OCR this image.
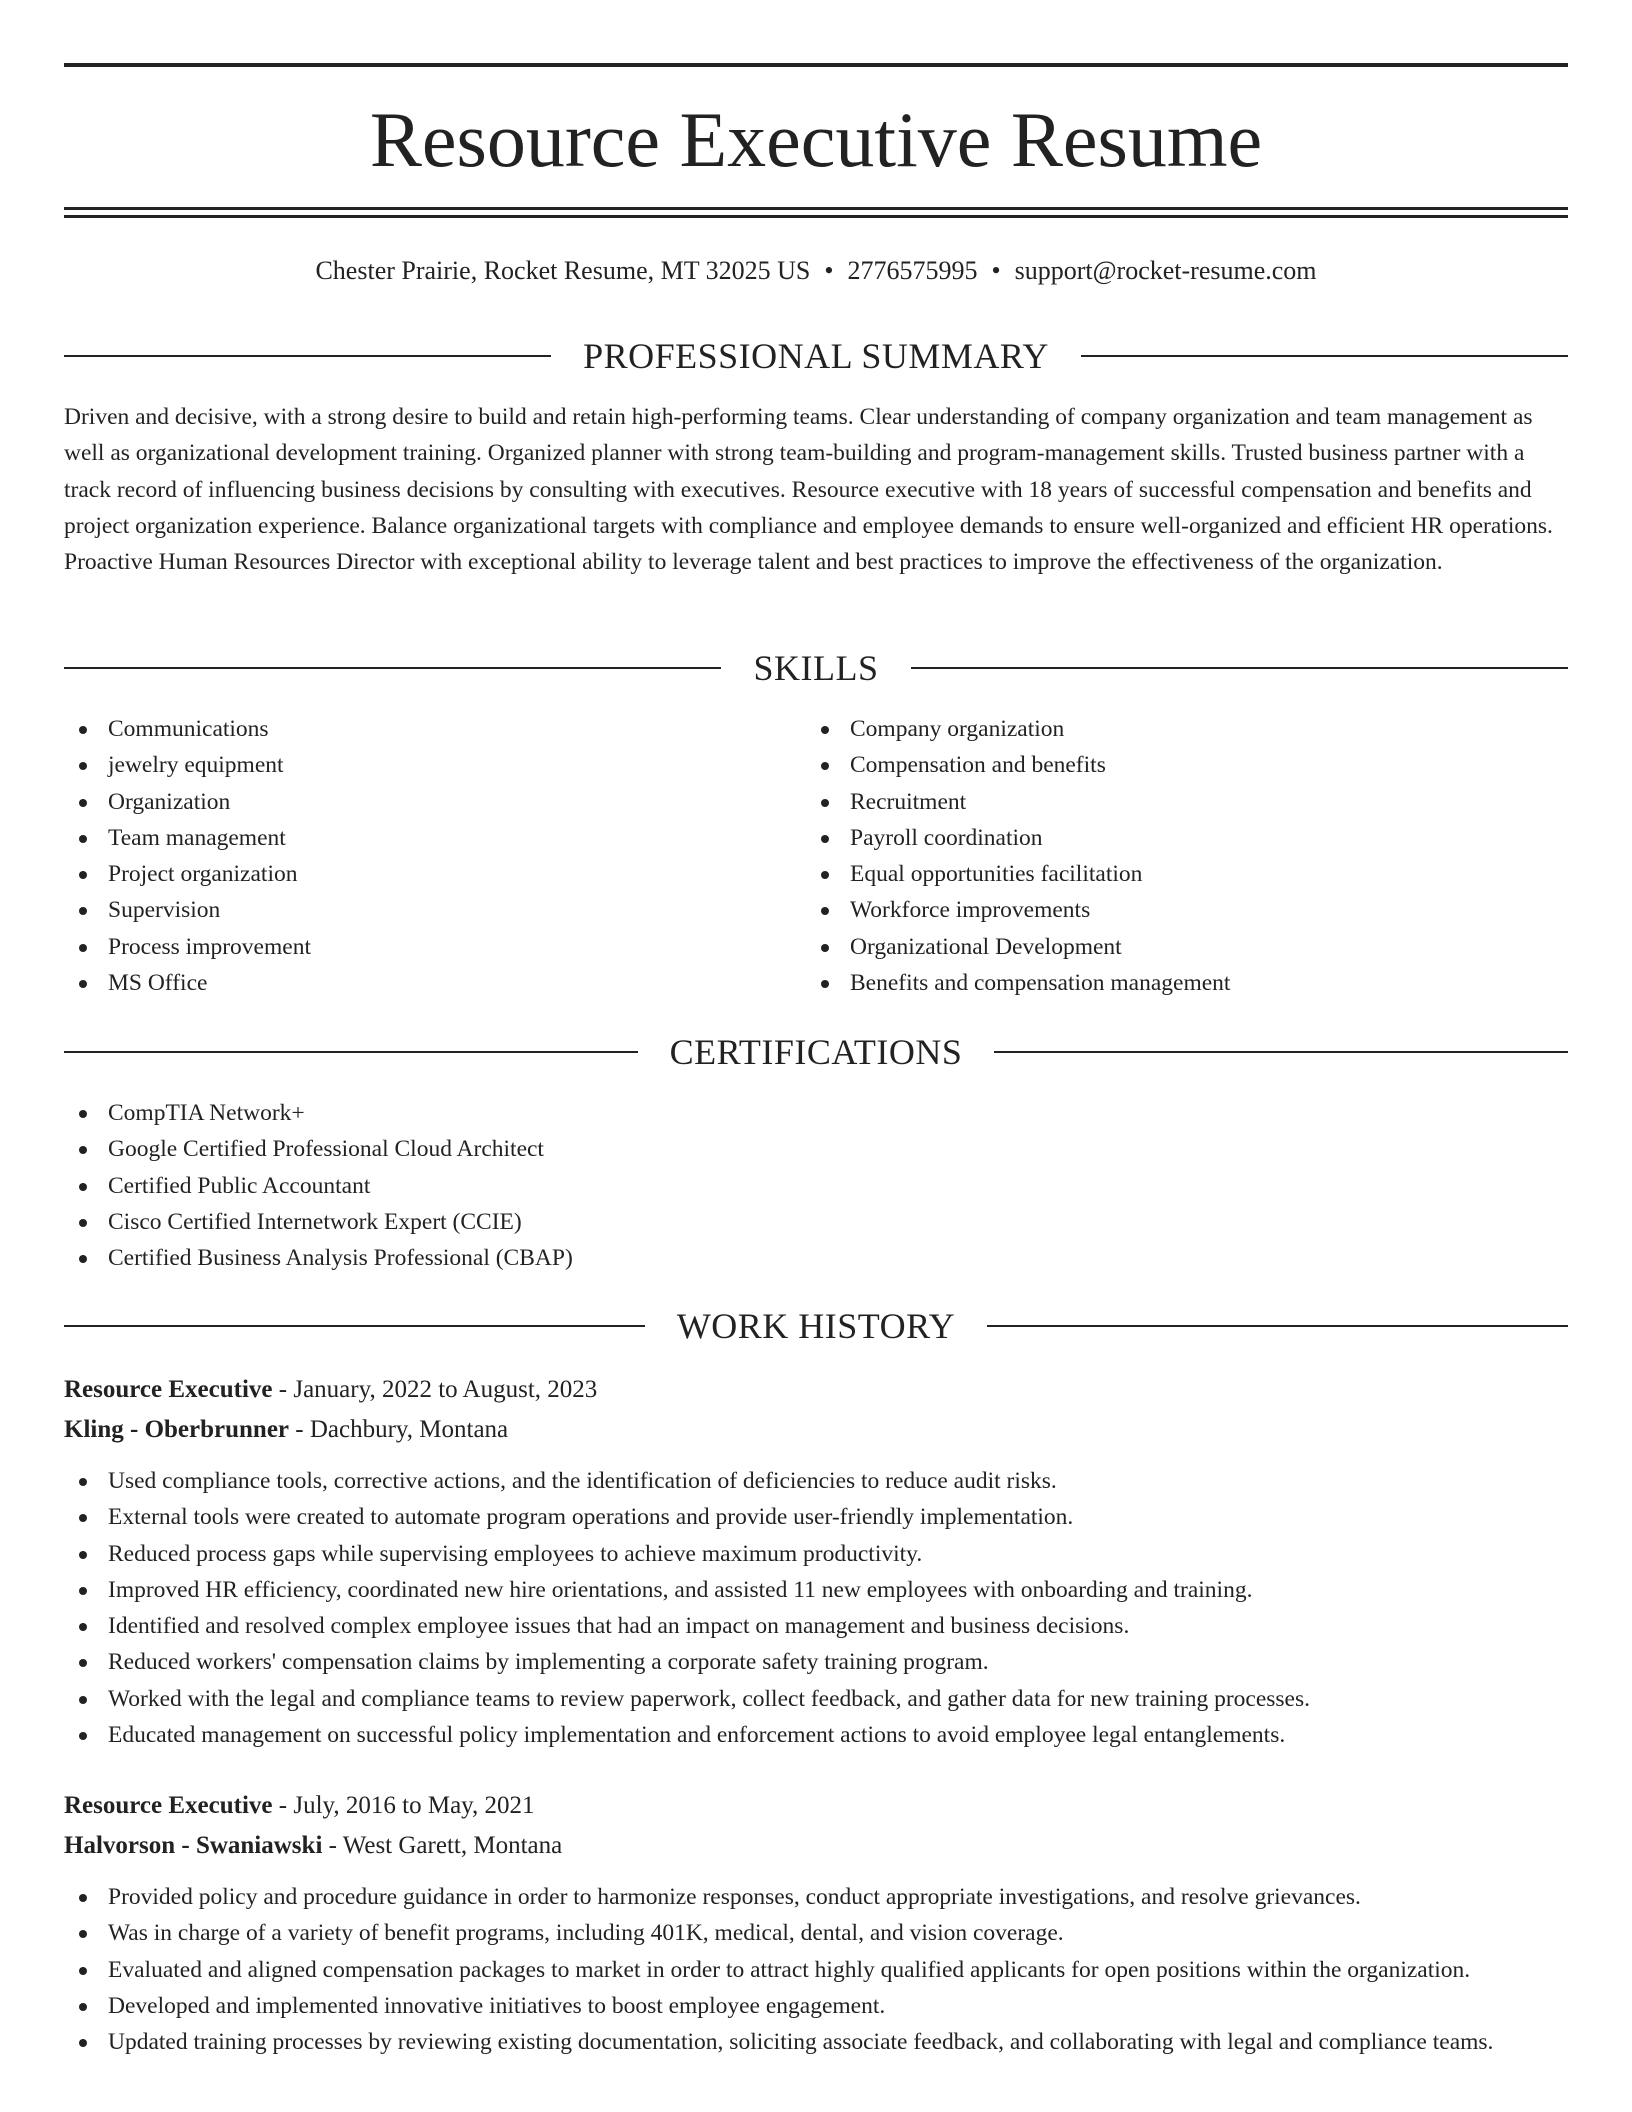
Resource Executive Resume
Chester Prairie, Rocket Resume, MT 32025 US • 2776575995 • support@rocket-resume.com
PROFESSIONAL SUMMARY

Driven and decisive, with a strong desire to build and retain high-performing teams. Clear understanding of company organization and team management as well as organizational development training. Organized planner with strong team-building and program-management skills. Trusted business partner with a track record of influencing business decisions by consulting with executives. Resource executive with 18 years of successful compensation and benefits and project organization experience. Balance organizational targets with compliance and employee demands to ensure well-organized and efficient HR operations. Proactive Human Resources Director with exceptional ability to leverage talent and best practices to improve the effectiveness of the organization.

SKILLS
Communications
jewelry equipment
Organization
Team management
Project organization
Supervision
Process improvement
MS Office
Company organization
Compensation and benefits
Recruitment
Payroll coordination
Equal opportunities facilitation
Workforce improvements
Organizational Development
Benefits and compensation management
CERTIFICATIONS
CompTIA Network+
Google Certified Professional Cloud Architect
Certified Public Accountant
Cisco Certified Internetwork Expert (CCIE)
Certified Business Analysis Professional (CBAP)
WORK HISTORY
Resource Executive - January, 2022 to August, 2023
Kling - Oberbrunner - Dachbury, Montana
Used compliance tools, corrective actions, and the identification of deficiencies to reduce audit risks.
External tools were created to automate program operations and provide user-friendly implementation.
Reduced process gaps while supervising employees to achieve maximum productivity.
Improved HR efficiency, coordinated new hire orientations, and assisted 11 new employees with onboarding and training.
Identified and resolved complex employee issues that had an impact on management and business decisions.
Reduced workers' compensation claims by implementing a corporate safety training program.
Worked with the legal and compliance teams to review paperwork, collect feedback, and gather data for new training processes.
Educated management on successful policy implementation and enforcement actions to avoid employee legal entanglements.
Resource Executive - July, 2016 to May, 2021
Halvorson - Swaniawski - West Garett, Montana
Provided policy and procedure guidance in order to harmonize responses, conduct appropriate investigations, and resolve grievances.
Was in charge of a variety of benefit programs, including 401K, medical, dental, and vision coverage.
Evaluated and aligned compensation packages to market in order to attract highly qualified applicants for open positions within the organization.
Developed and implemented innovative initiatives to boost employee engagement.
Updated training processes by reviewing existing documentation, soliciting associate feedback, and collaborating with legal and compliance teams.
